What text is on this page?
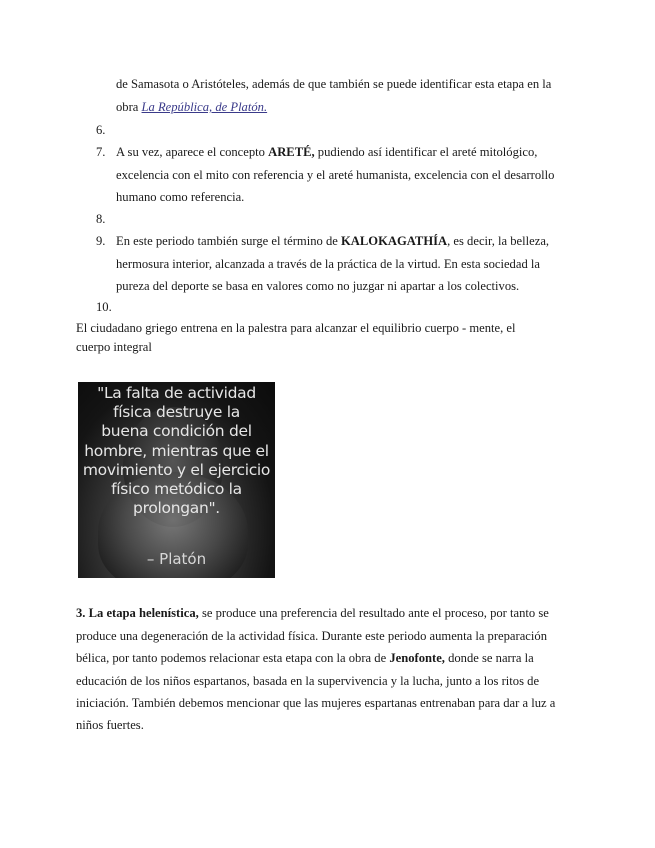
de Samasota o Aristóteles, además de que también se puede identificar esta etapa en la
obra La República, de Platón.
6.
7. A su vez, aparece el concepto ARETÉ, pudiendo así identificar el areté mitológico,
excelencia con el mito con referencia y el areté humanista, excelencia con el desarrollo
humano como referencia.
8.
9. En este periodo también surge el término de KALOKAGATHÍA, es decir, la belleza,
hermosura interior, alcanzada a través de la práctica de la virtud. En esta sociedad la
pureza del deporte se basa en valores como no juzgar ni apartar a los colectivos.
10.
El ciudadano griego entrena en la palestra para alcanzar el equilibrio cuerpo - mente, el
cuerpo integral
"La falta de actividad
física destruye la
buena condición del
hombre, mientras que el
movimiento y el ejercicio
físico metódico la
prolongan".
– Platón
3. La etapa helenística, se produce una preferencia del resultado ante el proceso, por tanto se
produce una degeneración de la actividad física. Durante este periodo aumenta la preparación
bélica, por tanto podemos relacionar esta etapa con la obra de Jenofonte, donde se narra la
educación de los niños espartanos, basada en la supervivencia y la lucha, junto a los ritos de
iniciación. También debemos mencionar que las mujeres espartanas entrenaban para dar a luz a
niños fuertes.
